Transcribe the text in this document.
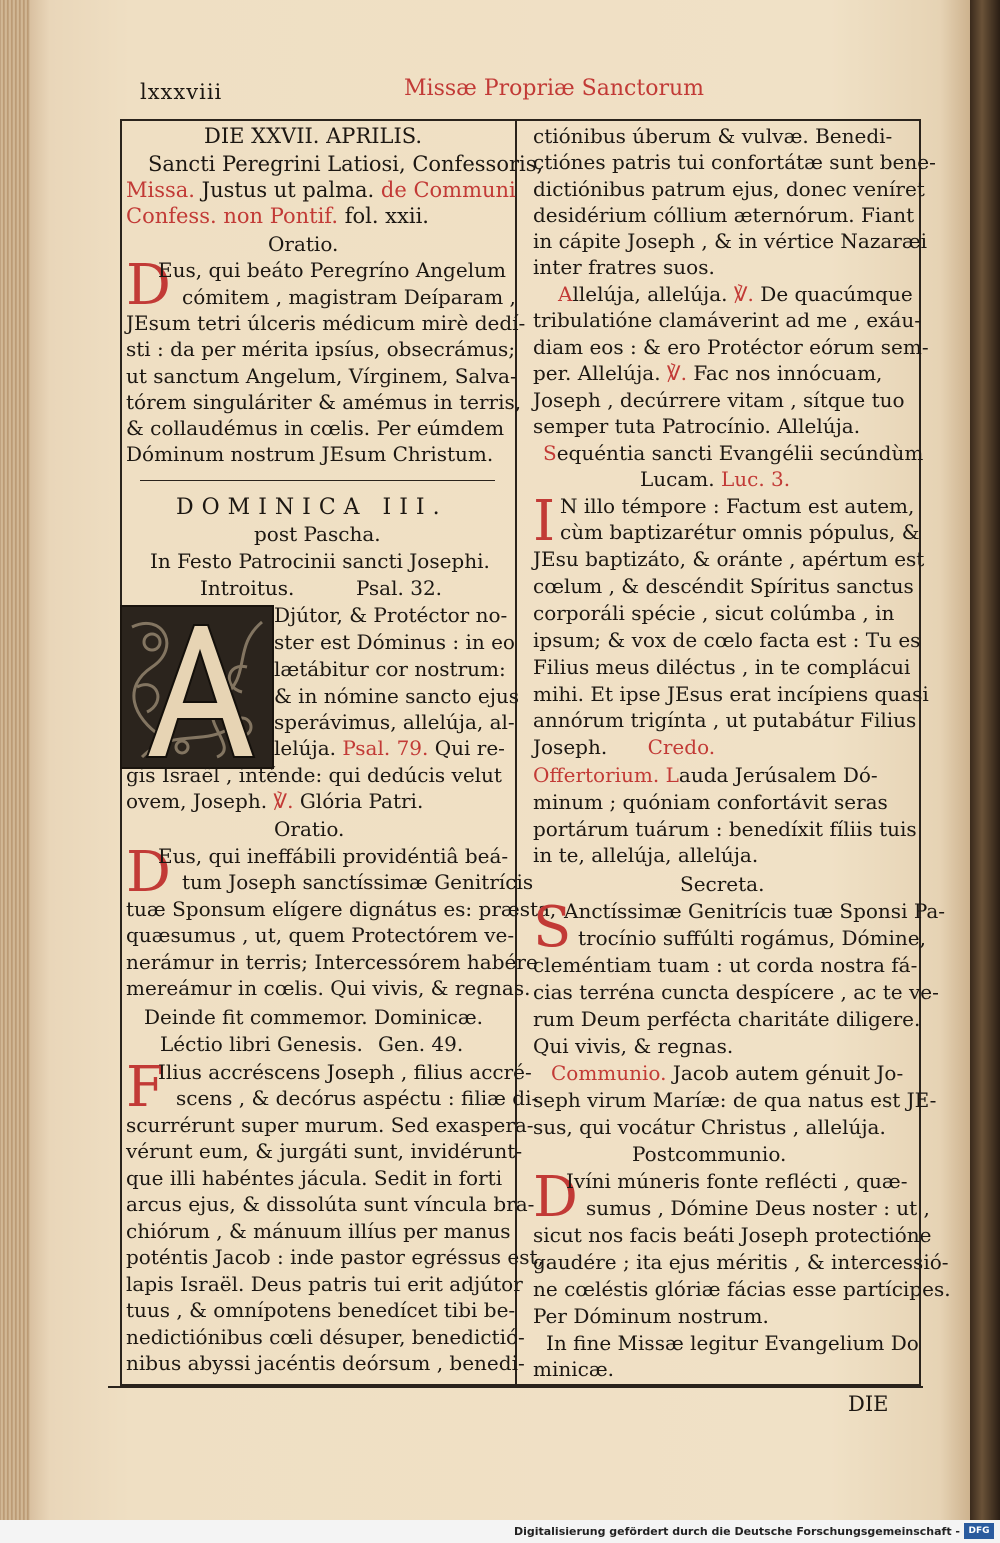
lxxxviii	Missæ Propriæ Sanctorum
DIE XXVII. APRILIS.
Sancti Peregrini Latiosi, Confessoris,
Missa. Justus ut palma. de Communi
Confess. non Pontif. fol. xxii.
Oratio.
D
Eus, qui beáto Peregríno Angelum
cómitem , magistram Deíparam ,
JEsum tetri úlceris médicum mirè dedí-
sti : da per mérita ipsíus, obsecrámus;
ut sanctum Angelum, Vírginem, Salva-
tórem singuláriter & amémus in terris,
& collaudémus in cœlis. Per eúmdem
Dóminum nostrum JEsum Christum.
DOMINICA III.
post Pascha.
In Festo Patrocinii sancti Josephi.
Introitus.	Psal. 32.
Djútor, & Protéctor no-
ster est Dóminus : in eo
lætábitur cor nostrum:
& in nómine sancto ejus
sperávimus, allelúja, al-
lelúja. Psal. 79. Qui re-
gis Israël , inténde: qui dedúcis velut
ovem, Joseph. ℣. Glória Patri.
Oratio.
D
Eus, qui ineffábili providéntiâ beá-
tum Joseph sanctíssimæ Genitrícis
tuæ Sponsum elígere dignátus es: præsta,
quæsumus , ut, quem Protectórem ve-
nerámur in terris; Intercessórem habére
mereámur in cœlis. Qui vivis, & regnas.
Deinde fit commemor. Dominicæ.
Léctio libri Genesis. Gen. 49.
F
Ilius accréscens Joseph , filius accré-
scens , & decórus aspéctu : filiæ di-
scurrérunt super murum. Sed exaspera-
vérunt eum, & jurgáti sunt, invidérunt-
que illi habéntes jácula. Sedit in forti
arcus ejus, & dissolúta sunt víncula bra-
chiórum , & mánuum illíus per manus
poténtis Jacob : inde pastor egréssus est,
lapis Israël. Deus patris tui erit adjútor
tuus , & omnípotens benedícet tibi be-
nedictiónibus cœli désuper, benedictió-
nibus abyssi jacéntis deórsum , benedi-
ctiónibus úberum & vulvæ. Benedi-
ctiónes patris tui confortátæ sunt bene-
dictiónibus patrum ejus, donec veníret
desidérium cóllium æternórum. Fiant
in cápite Joseph , & in vértice Nazaræi
inter fratres suos.
Allelúja, allelúja. ℣. De quacúmque
tribulatióne clamáverint ad me , exáu-
diam eos : & ero Protéctor eórum sem-
per. Allelúja. ℣. Fac nos innócuam,
Joseph , decúrrere vitam , sítque tuo
semper tuta Patrocínio. Allelúja.
Sequéntia sancti Evangélii secúndùm
Lucam. Luc. 3.
I N illo témpore : Factum est autem,
cùm baptizarétur omnis pópulus, &
JEsu baptizáto, & oránte , apértum est
cœlum , & descéndit Spíritus sanctus
corporáli spécie , sicut colúmba , in
ipsum; & vox de cœlo facta est : Tu es
Filius meus diléctus , in te complácui
mihi. Et ipse JEsus erat incípiens quasi
annórum trigínta , ut putabátur Filius
Joseph. Credo.
Offertorium. Lauda Jerúsalem Dó-
minum ; quóniam confortávit seras
portárum tuárum : benedíxit fíliis tuis
in te, allelúja, allelúja.
Secreta.
S
Anctíssimæ Genitrícis tuæ Sponsi Pa-
trocínio suffúlti rogámus, Dómine,
cleméntiam tuam : ut corda nostra fá-
cias terréna cuncta despícere , ac te ve-
rum Deum perfécta charitáte diligere.
Qui vivis, & regnas.
Communio. Jacob autem génuit Jo-
seph virum Maríæ: de qua natus est JE-
sus, qui vocátur Christus , allelúja.
Postcommunio.
D
Ivíni múneris fonte reflécti , quæ-
sumus , Dómine Deus noster : ut ,
sicut nos facis beáti Joseph protectióne
gaudére ; ita ejus méritis , & intercessió-
ne cœléstis glóriæ fácias esse partícipes.
Per Dóminum nostrum.
In fine Missæ legitur Evangelium Do
minicæ.
DIE
Digitalisierung gefördert durch die Deutsche Forschungsgemeinschaft - DFG
